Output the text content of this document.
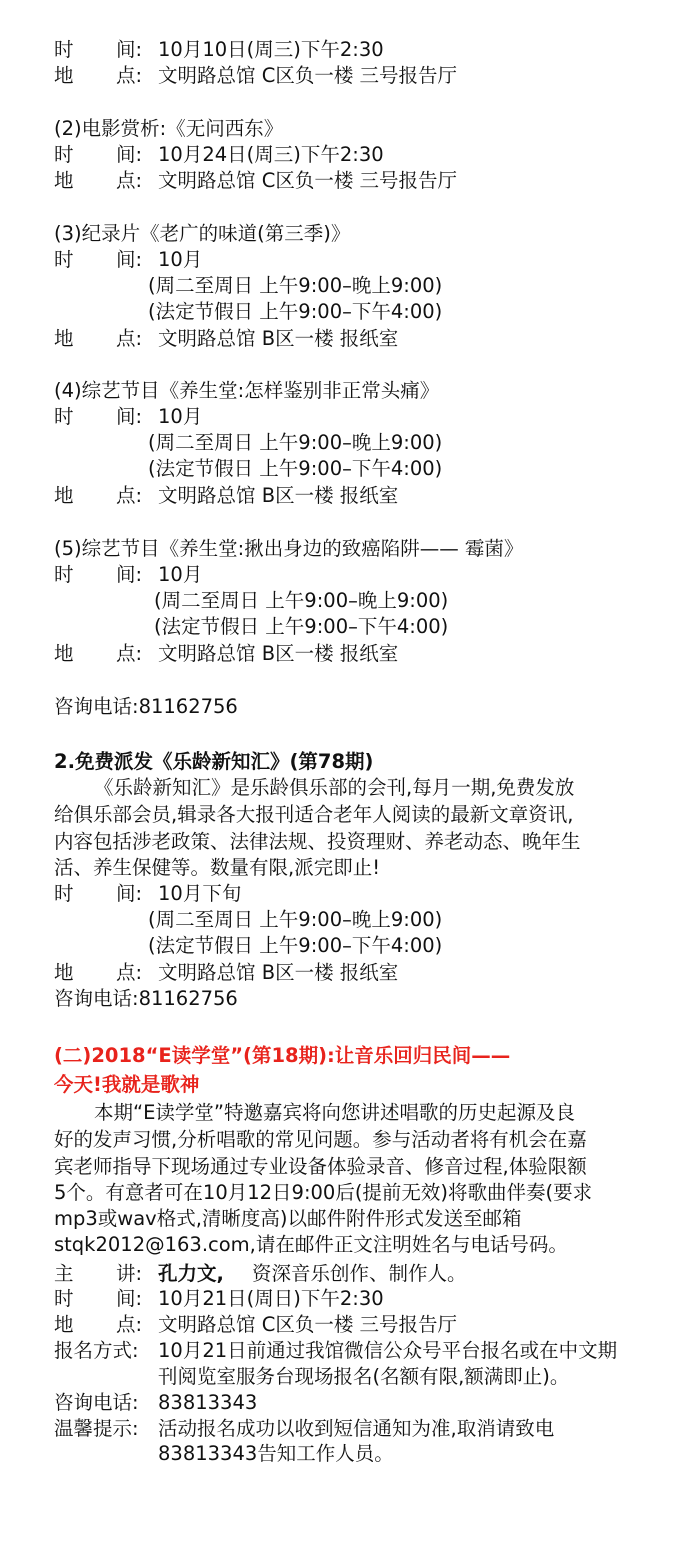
时 间: 10月10日(周三)下午2:30
地 点: 文明路总馆 C区负一楼 三号报告厅
(2)电影赏析:《无问西东》
时 间: 10月24日(周三)下午2:30
地 点: 文明路总馆 C区负一楼 三号报告厅
(3)纪录片《老广的味道(第三季)》
时 间: 10月
(周二至周日 上午9:00–晚上9:00)
(法定节假日 上午9:00–下午4:00)
地 点: 文明路总馆 B区一楼 报纸室
(4)综艺节目《养生堂:怎样鉴别非正常头痛》
时 间: 10月
(周二至周日 上午9:00–晚上9:00)
(法定节假日 上午9:00–下午4:00)
地 点: 文明路总馆 B区一楼 报纸室
(5)综艺节目《养生堂:揪出身边的致癌陷阱—— 霉菌》
时 间: 10月
(周二至周日 上午9:00–晚上9:00)
(法定节假日 上午9:00–下午4:00)
地 点: 文明路总馆 B区一楼 报纸室
咨询电话:81162756
2.免费派发《乐龄新知汇》(第78期)
《乐龄新知汇》是乐龄俱乐部的会刊,每月一期,免费发放
给俱乐部会员,辑录各大报刊适合老年人阅读的最新文章资讯,
内容包括涉老政策、法律法规、投资理财、养老动态、晚年生
活、养生保健等。数量有限,派完即止!
时 间: 10月下旬
(周二至周日 上午9:00–晚上9:00)
(法定节假日 上午9:00–下午4:00)
地 点: 文明路总馆 B区一楼 报纸室
咨询电话:81162756
(二)2018“E读学堂”(第18期):让音乐回归民间——
今天!我就是歌神
本期“E读学堂”特邀嘉宾将向您讲述唱歌的历史起源及良
好的发声习惯,分析唱歌的常见问题。参与活动者将有机会在嘉
宾老师指导下现场通过专业设备体验录音、修音过程,体验限额
5个。有意者可在10月12日9:00后(提前无效)将歌曲伴奏(要求
mp3或wav格式,清晰度高)以邮件附件形式发送至邮箱
stqk2012@163.com,请在邮件正文注明姓名与电话号码。
主 讲: 孔力文, 资深音乐创作、制作人。
时 间: 10月21日(周日)下午2:30
地 点: 文明路总馆 C区负一楼 三号报告厅
报名方式: 10月21日前通过我馆微信公众号平台报名或在中文期
刊阅览室服务台现场报名(名额有限,额满即止)。
咨询电话: 83813343
温馨提示: 活动报名成功以收到短信通知为准,取消请致电
83813343告知工作人员。
